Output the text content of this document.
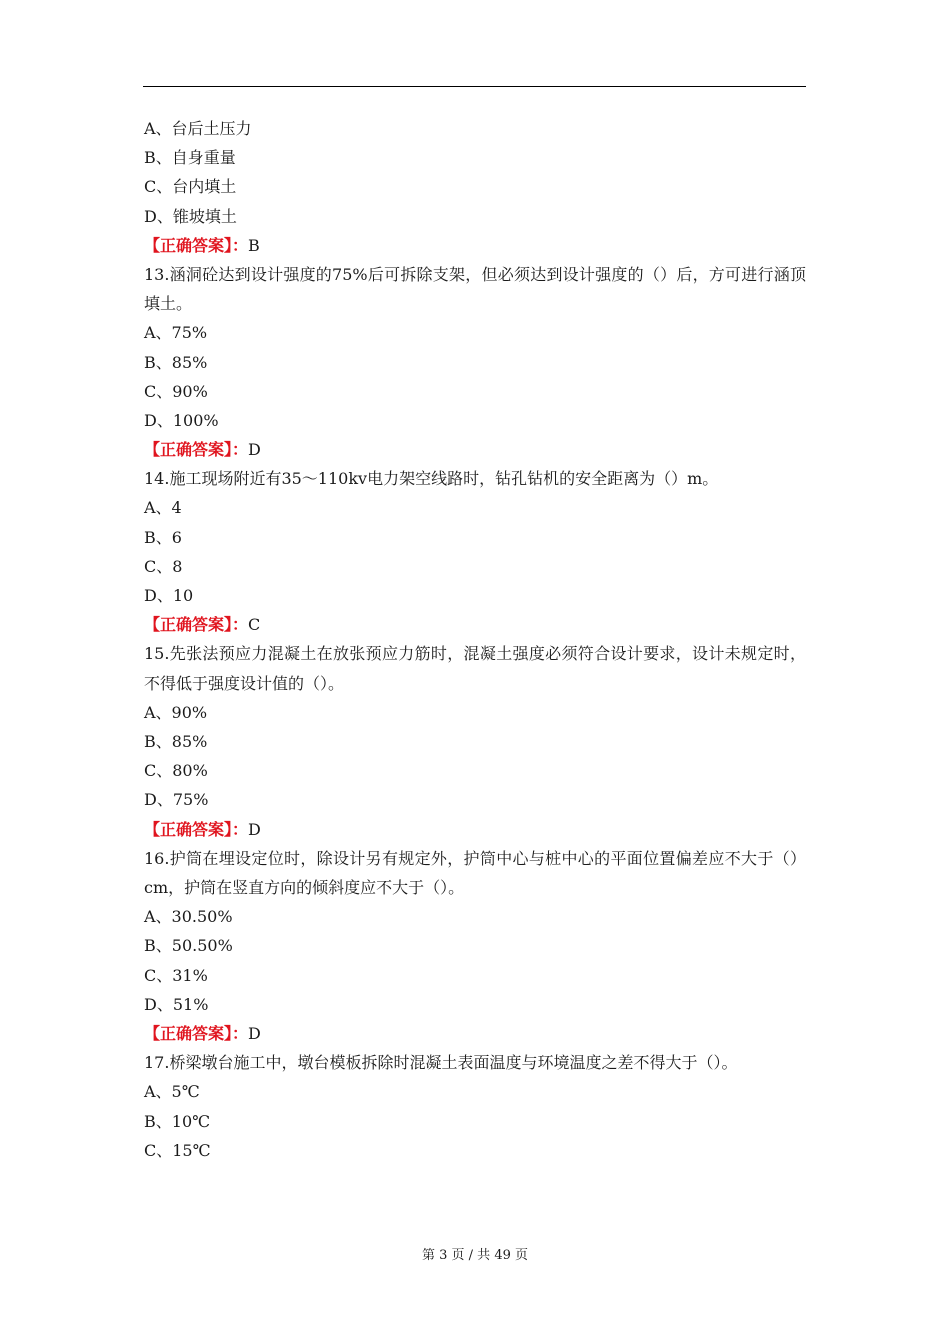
A、台后土压力
B、自身重量
C、台内填土
D、锥坡填土
【正确答案】：B
13.涵洞砼达到设计强度的75%后可拆除支架，但必须达到设计强度的（）后，方可进行涵顶填土。
A、75%
B、85%
C、90%
D、100%
【正确答案】：D
14.施工现场附近有35～110kv电力架空线路时，钻孔钻机的安全距离为（）m。
A、4
B、6
C、8
D、10
【正确答案】：C
15.先张法预应力混凝土在放张预应力筋时，混凝土强度必须符合设计要求，设计未规定时，不得低于强度设计值的（）。
A、90%
B、85%
C、80%
D、75%
【正确答案】：D
16.护筒在埋设定位时，除设计另有规定外，护筒中心与桩中心的平面位置偏差应不大于（）cm，护筒在竖直方向的倾斜度应不大于（）。
A、30.50%
B、50.50%
C、31%
D、51%
【正确答案】：D
17.桥梁墩台施工中，墩台模板拆除时混凝土表面温度与环境温度之差不得大于（）。
A、5℃
B、10℃
C、15℃
第 3 页 / 共 49 页
